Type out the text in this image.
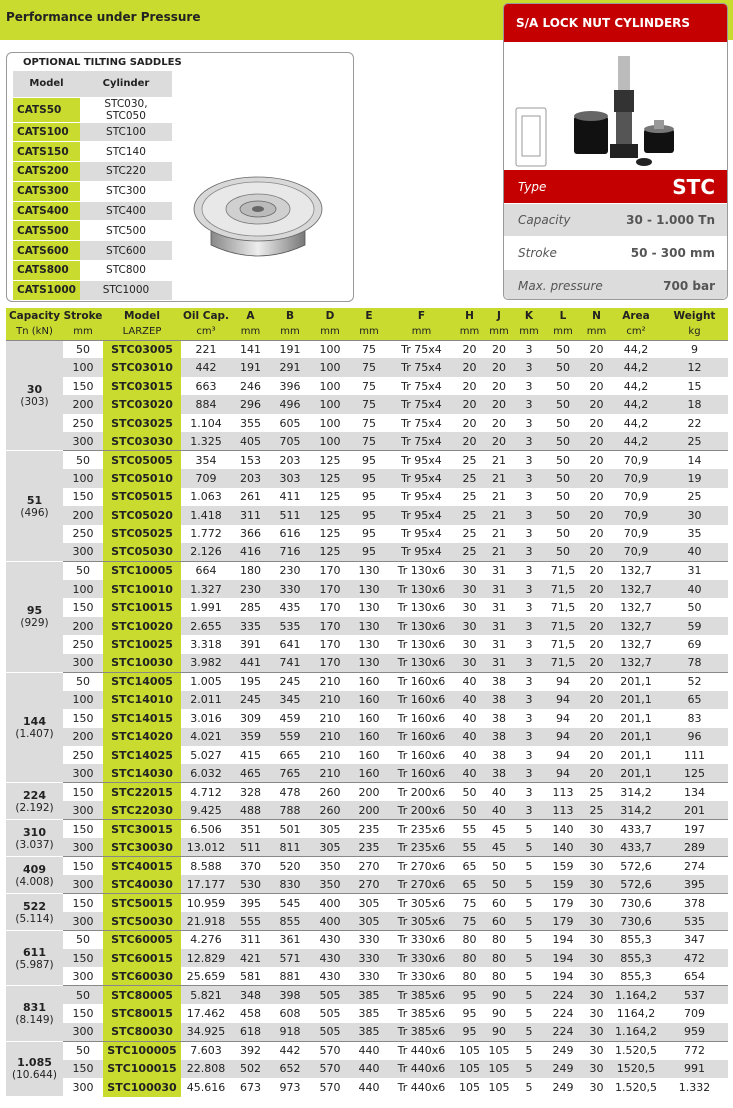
Performance under Pressure
OPTIONAL TILTING SADDLES
Model	Cylinder
CATS50	STC030, STC050
CATS100	STC100
CATS150	STC140
CATS200	STC220
CATS300	STC300
CATS400	STC400
CATS500	STC500
CATS600	STC600
CATS800	STC800
CATS1000	STC1000
S/A LOCK NUT CYLINDERS
Type	STC
Capacity	30 - 1.000 Tn
Stroke	50 - 300 mm
Max. pressure	700 bar
Capacity	Stroke	Model	Oil Cap.	A	B	D	E	F	H	J	K	L	N	Area	Weight
Tn (kN)	mm	LARZEP	cm³	mm	mm	mm	mm	mm	mm	mm	mm	mm	mm	cm²	kg

30
(303)	50	STC03005	221	141	191	100	75	Tr 75x4	20	20	3	50	20	44,2	9
	100	STC03010	442	191	291	100	75	Tr 75x4	20	20	3	50	20	44,2	12
	150	STC03015	663	246	396	100	75	Tr 75x4	20	20	3	50	20	44,2	15
	200	STC03020	884	296	496	100	75	Tr 75x4	20	20	3	50	20	44,2	18
	250	STC03025	1.104	355	605	100	75	Tr 75x4	20	20	3	50	20	44,2	22
	300	STC03030	1.325	405	705	100	75	Tr 75x4	20	20	3	50	20	44,2	25

51
(496)	50	STC05005	354	153	203	125	95	Tr 95x4	25	21	3	50	20	70,9	14
	100	STC05010	709	203	303	125	95	Tr 95x4	25	21	3	50	20	70,9	19
	150	STC05015	1.063	261	411	125	95	Tr 95x4	25	21	3	50	20	70,9	25
	200	STC05020	1.418	311	511	125	95	Tr 95x4	25	21	3	50	20	70,9	30
	250	STC05025	1.772	366	616	125	95	Tr 95x4	25	21	3	50	20	70,9	35
	300	STC05030	2.126	416	716	125	95	Tr 95x4	25	21	3	50	20	70,9	40

95
(929)	50	STC10005	664	180	230	170	130	Tr 130x6	30	31	3	71,5	20	132,7	31
	100	STC10010	1.327	230	330	170	130	Tr 130x6	30	31	3	71,5	20	132,7	40
	150	STC10015	1.991	285	435	170	130	Tr 130x6	30	31	3	71,5	20	132,7	50
	200	STC10020	2.655	335	535	170	130	Tr 130x6	30	31	3	71,5	20	132,7	59
	250	STC10025	3.318	391	641	170	130	Tr 130x6	30	31	3	71,5	20	132,7	69
	300	STC10030	3.982	441	741	170	130	Tr 130x6	30	31	3	71,5	20	132,7	78

144
(1.407)	50	STC14005	1.005	195	245	210	160	Tr 160x6	40	38	3	94	20	201,1	52
	100	STC14010	2.011	245	345	210	160	Tr 160x6	40	38	3	94	20	201,1	65
	150	STC14015	3.016	309	459	210	160	Tr 160x6	40	38	3	94	20	201,1	83
	200	STC14020	4.021	359	559	210	160	Tr 160x6	40	38	3	94	20	201,1	96
	250	STC14025	5.027	415	665	210	160	Tr 160x6	40	38	3	94	20	201,1	111
	300	STC14030	6.032	465	765	210	160	Tr 160x6	40	38	3	94	20	201,1	125

224
(2.192)	150	STC22015	4.712	328	478	260	200	Tr 200x6	50	40	3	113	25	314,2	134
	300	STC22030	9.425	488	788	260	200	Tr 200x6	50	40	3	113	25	314,2	201

310
(3.037)	150	STC30015	6.506	351	501	305	235	Tr 235x6	55	45	5	140	30	433,7	197
	300	STC30030	13.012	511	811	305	235	Tr 235x6	55	45	5	140	30	433,7	289

409
(4.008)	150	STC40015	8.588	370	520	350	270	Tr 270x6	65	50	5	159	30	572,6	274
	300	STC40030	17.177	530	830	350	270	Tr 270x6	65	50	5	159	30	572,6	395

522
(5.114)	150	STC50015	10.959	395	545	400	305	Tr 305x6	75	60	5	179	30	730,6	378
	300	STC50030	21.918	555	855	400	305	Tr 305x6	75	60	5	179	30	730,6	535

611
(5.987)	50	STC60005	4.276	311	361	430	330	Tr 330x6	80	80	5	194	30	855,3	347
	150	STC60015	12.829	421	571	430	330	Tr 330x6	80	80	5	194	30	855,3	472
	300	STC60030	25.659	581	881	430	330	Tr 330x6	80	80	5	194	30	855,3	654

831
(8.149)	50	STC80005	5.821	348	398	505	385	Tr 385x6	95	90	5	224	30	1.164,2	537
	150	STC80015	17.462	458	608	505	385	Tr 385x6	95	90	5	224	30	1164,2	709
	300	STC80030	34.925	618	918	505	385	Tr 385x6	95	90	5	224	30	1.164,2	959

1.085
(10.644)	50	STC100005	7.603	392	442	570	440	Tr 440x6	105	105	5	249	30	1.520,5	772
	150	STC100015	22.808	502	652	570	440	Tr 440x6	105	105	5	249	30	1520,5	991
	300	STC100030	45.616	673	973	570	440	Tr 440x6	105	105	5	249	30	1.520,5	1.332
